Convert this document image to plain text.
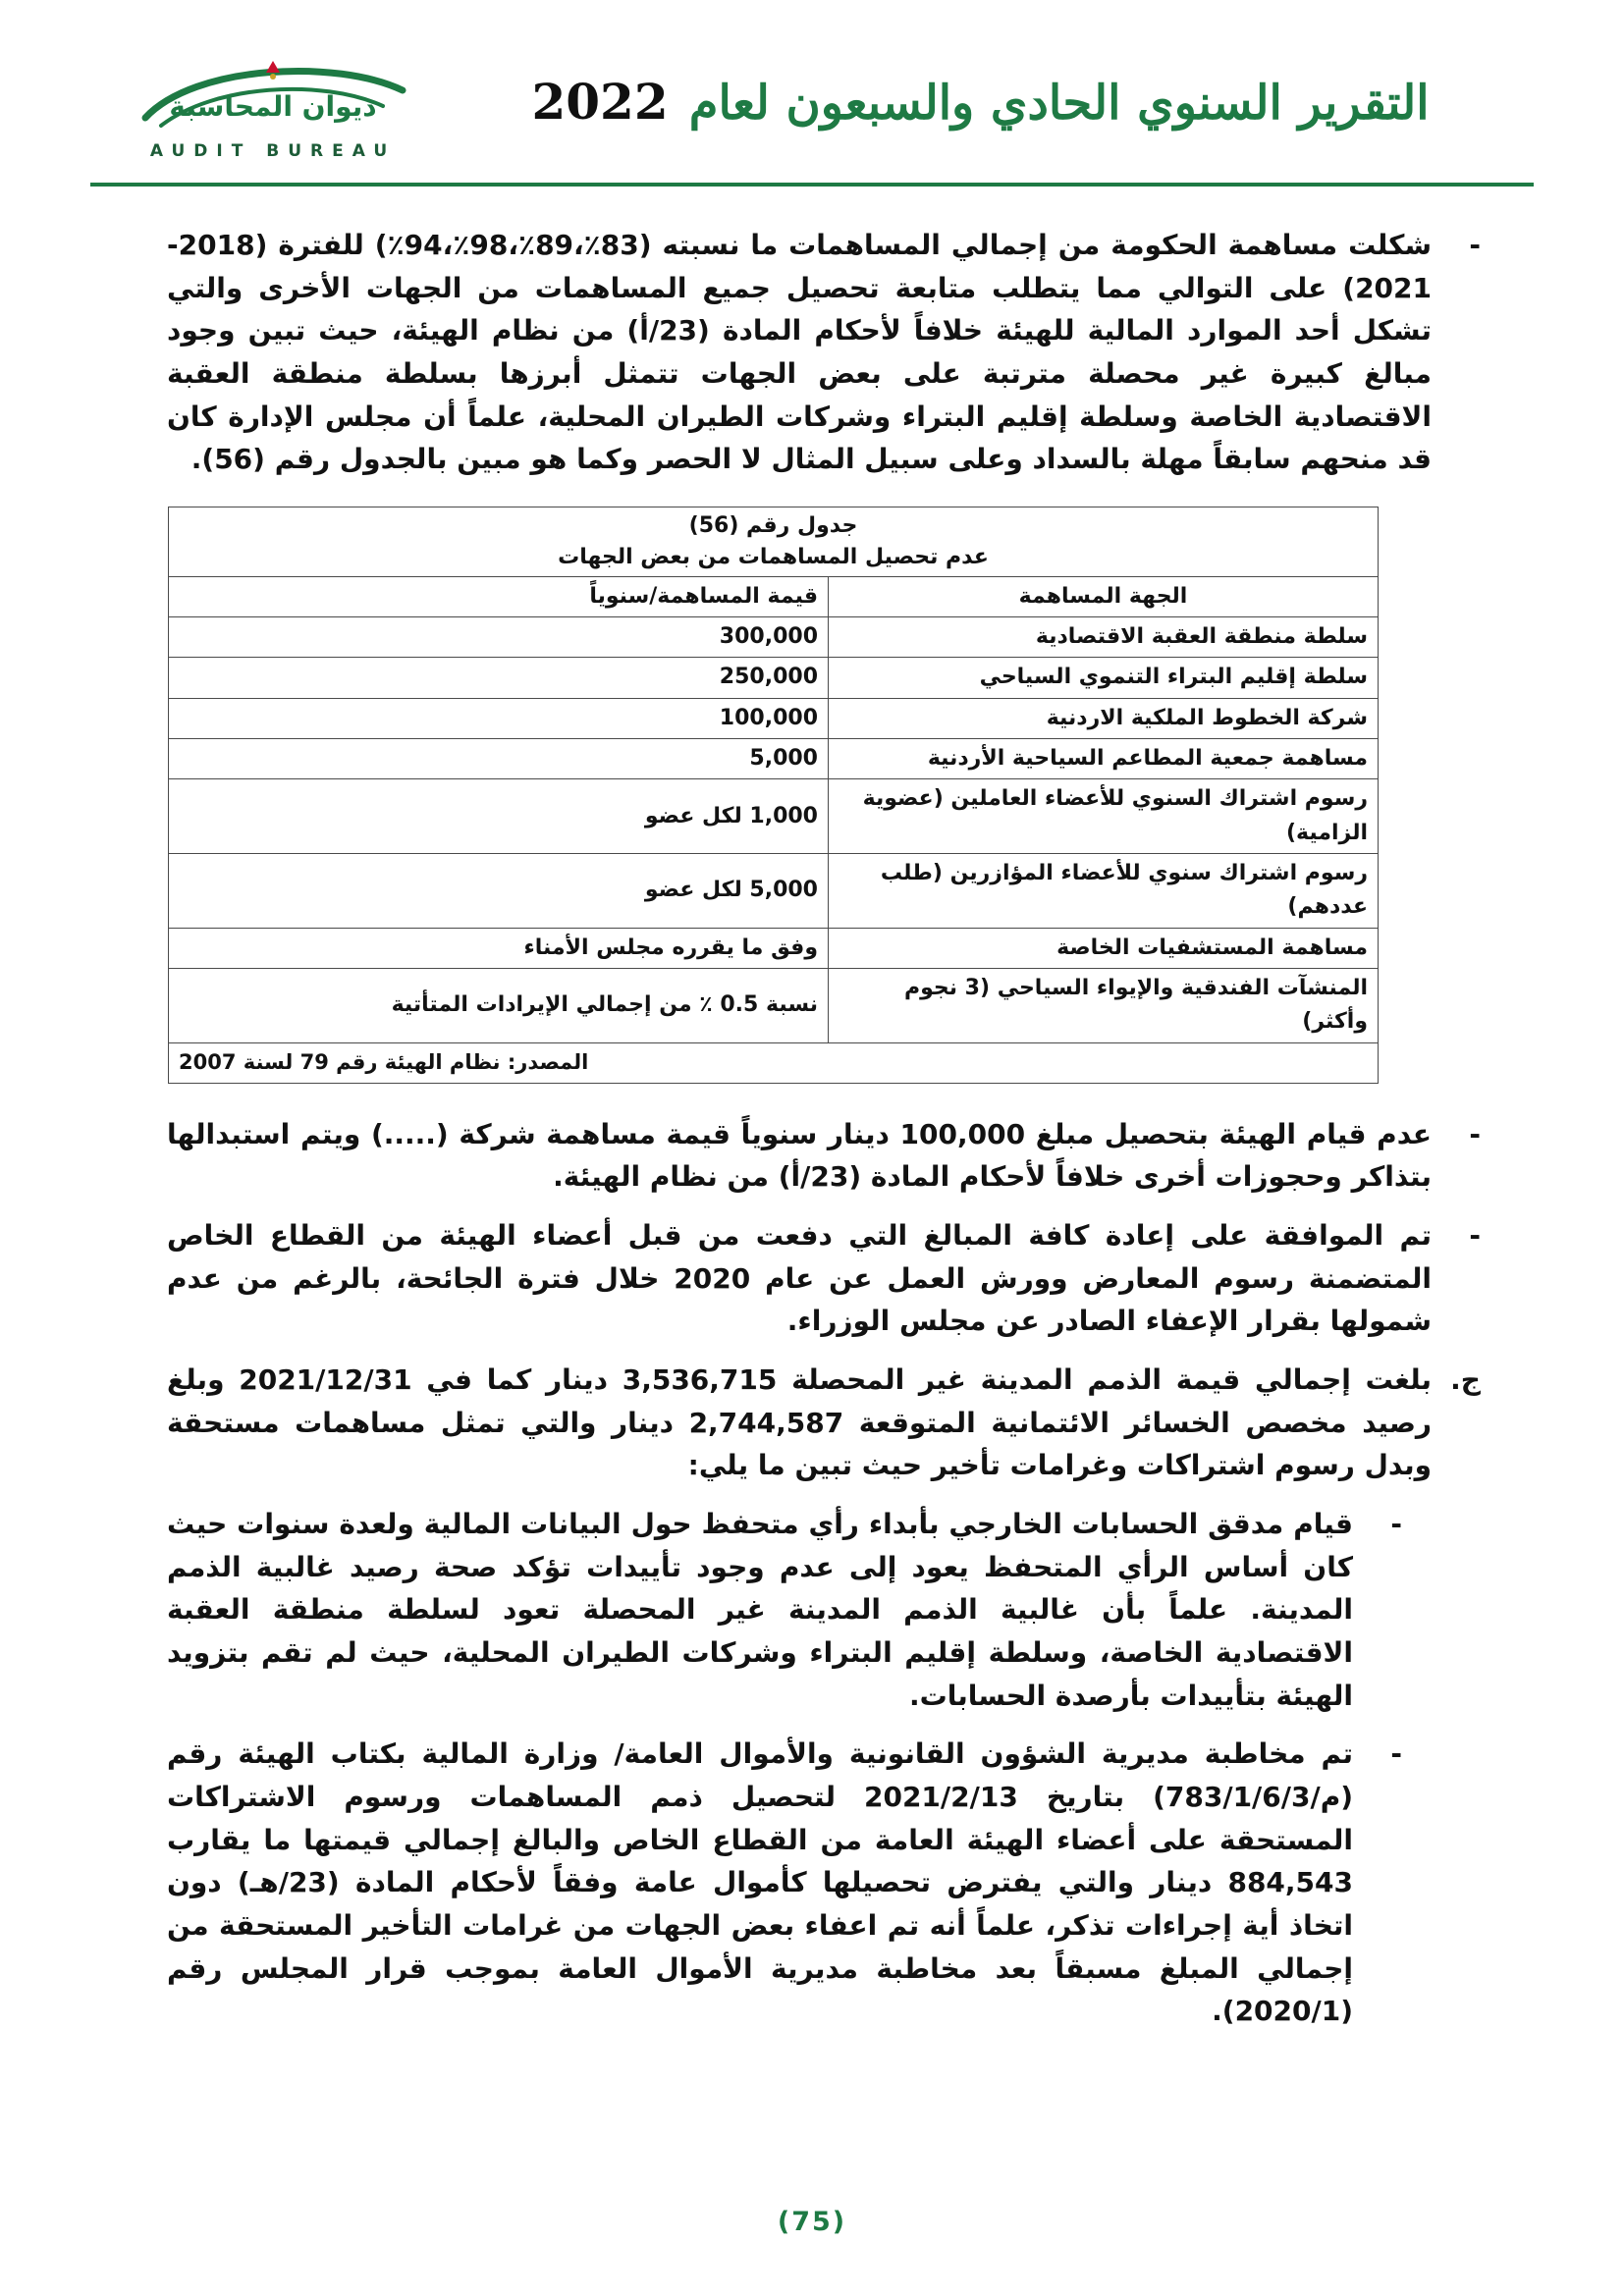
ديوان المحاسبة
AUDIT BUREAU
التقرير السنوي الحادي والسبعون لعام 2022
-
شكلت مساهمة الحكومة من إجمالي المساهمات ما نسبته (83٪،89٪،98٪،94٪) للفترة (2018-2021) على التوالي مما يتطلب متابعة تحصيل جميع المساهمات من الجهات الأخرى والتي تشكل أحد الموارد المالية للهيئة خلافاً لأحكام المادة (23/أ) من نظام الهيئة، حيث تبين وجود مبالغ كبيرة غير محصلة مترتبة على بعض الجهات تتمثل أبرزها بسلطة منطقة العقبة الاقتصادية الخاصة وسلطة إقليم البتراء وشركات الطيران المحلية، علماً أن مجلس الإدارة كان قد منحهم سابقاً مهلة بالسداد وعلى سبيل المثال لا الحصر وكما هو مبين بالجدول رقم (56).
جدول رقم (56)
عدم تحصيل المساهمات من بعض الجهات	

الجهة المساهمة	قيمة المساهمة/سنوياً
سلطة منطقة العقبة الاقتصادية	300,000
سلطة إقليم البتراء التنموي السياحي	250,000
شركة الخطوط الملكية الاردنية	100,000
مساهمة جمعية المطاعم السياحية الأردنية	5,000
رسوم اشتراك السنوي للأعضاء العاملين (عضوية الزامية)	1,000 لكل عضو
رسوم اشتراك سنوي للأعضاء المؤازرين (طلب عددهم)	5,000 لكل عضو
مساهمة المستشفيات الخاصة	وفق ما يقرره مجلس الأمناء
المنشآت الفندقية والإيواء السياحي (3 نجوم وأكثر)	نسبة 0.5 ٪ من إجمالي الإيرادات المتأتية
المصدر: نظام الهيئة رقم 79 لسنة 2007	
-
عدم قيام الهيئة بتحصيل مبلغ 100,000 دينار سنوياً قيمة مساهمة شركة (.....) ويتم استبدالها بتذاكر وحجوزات أخرى خلافاً لأحكام المادة (23/أ) من نظام الهيئة.
-
تم الموافقة على إعادة كافة المبالغ التي دفعت من قبل أعضاء الهيئة من القطاع الخاص المتضمنة رسوم المعارض وورش العمل عن عام 2020 خلال فترة الجائحة، بالرغم من عدم شمولها بقرار الإعفاء الصادر عن مجلس الوزراء.
ج.
بلغت إجمالي قيمة الذمم المدينة غير المحصلة 3,536,715 دينار كما في 2021/12/31 وبلغ رصيد مخصص الخسائر الائتمانية المتوقعة 2,744,587 دينار والتي تمثل مساهمات مستحقة وبدل رسوم اشتراكات وغرامات تأخير حيث تبين ما يلي:
-
قيام مدقق الحسابات الخارجي بأبداء رأي متحفظ حول البيانات المالية ولعدة سنوات حيث كان أساس الرأي المتحفظ يعود إلى عدم وجود تأييدات تؤكد صحة رصيد غالبية الذمم المدينة. علماً بأن غالبية الذمم المدينة غير المحصلة تعود لسلطة منطقة العقبة الاقتصادية الخاصة، وسلطة إقليم البتراء وشركات الطيران المحلية، حيث لم تقم بتزويد الهيئة بتأييدات بأرصدة الحسابات.
-
تم مخاطبة مديرية الشؤون القانونية والأموال العامة/ وزارة المالية بكتاب الهيئة رقم (م/783/1/6/3) بتاريخ 2021/2/13 لتحصيل ذمم المساهمات ورسوم الاشتراكات المستحقة على أعضاء الهيئة العامة من القطاع الخاص والبالغ إجمالي قيمتها ما يقارب 884,543 دينار والتي يفترض تحصيلها كأموال عامة وفقاً لأحكام المادة (23/هـ) دون اتخاذ أية إجراءات تذكر، علماً أنه تم اعفاء بعض الجهات من غرامات التأخير المستحقة من إجمالي المبلغ مسبقاً بعد مخاطبة مديرية الأموال العامة بموجب قرار المجلس رقم (2020/1).
(75)
